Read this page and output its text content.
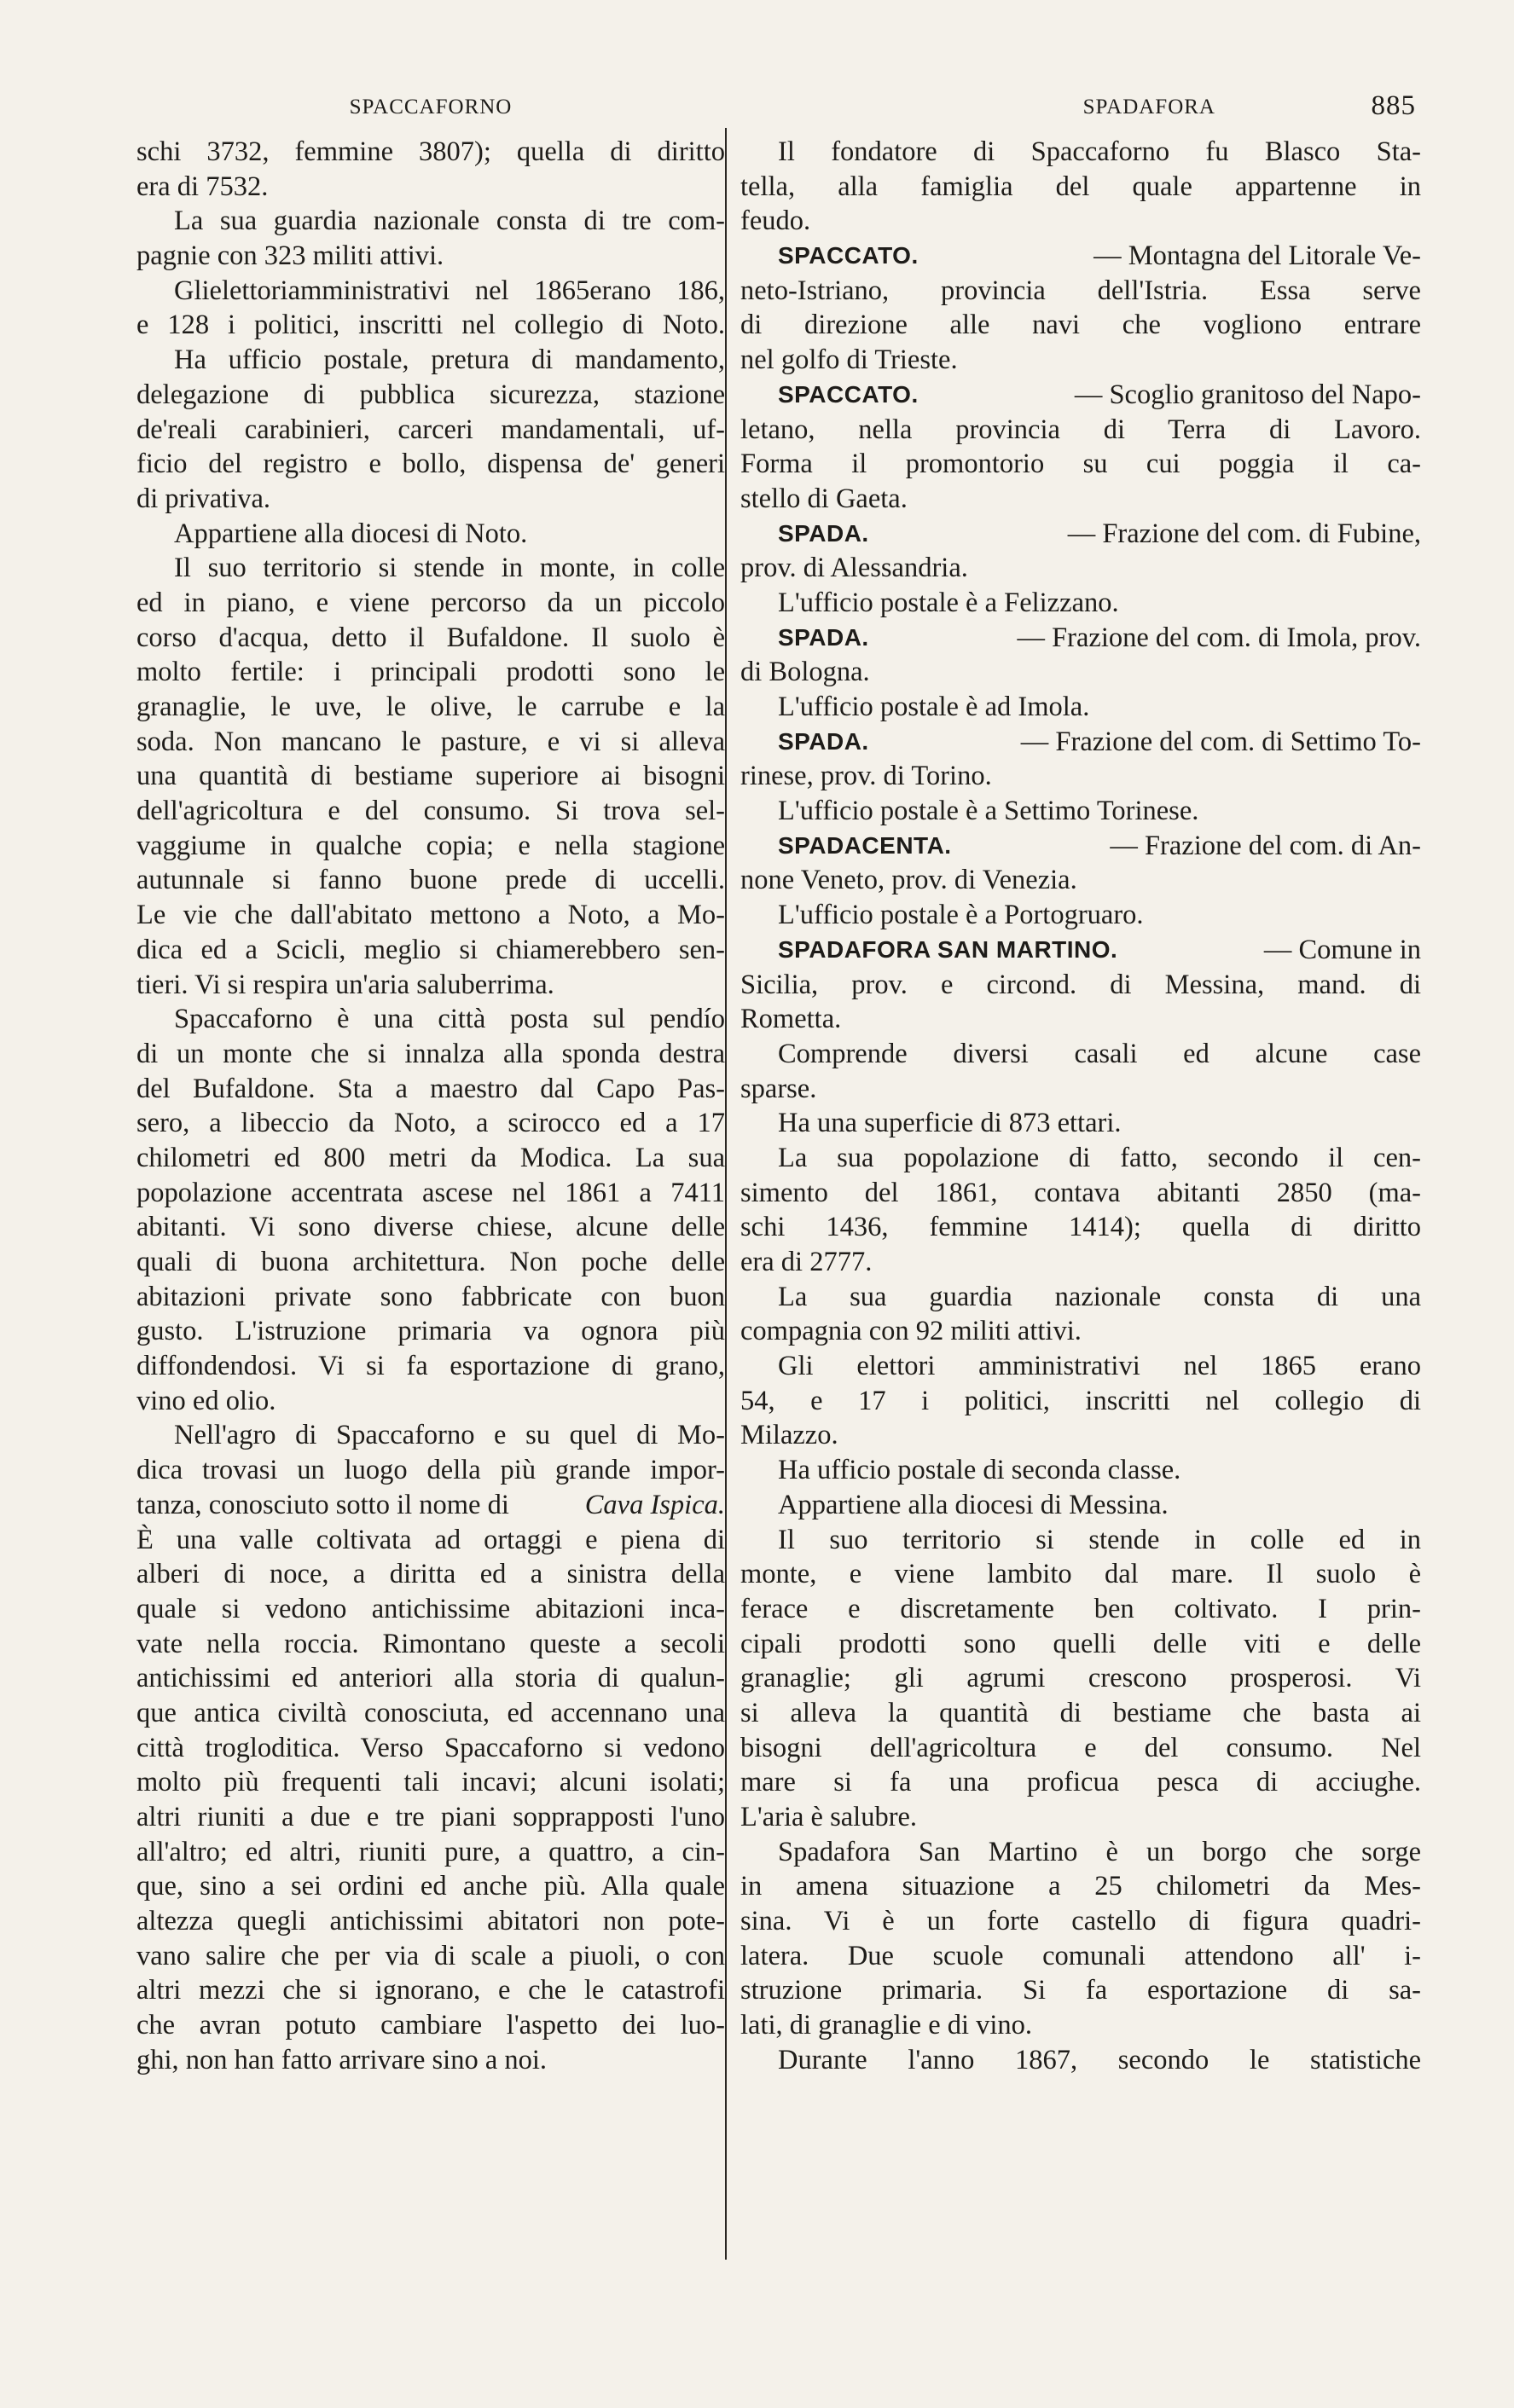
SPACCAFORNO	SPADAFORA	885
schi 3732, femmine 3807); quella di diritto
era di 7532.
La sua guardia nazionale consta di tre com-
pagnie con 323 militi attivi.
Glielettoriamministrativi nel 1865erano 186,
e 128 i politici, inscritti nel collegio di Noto.
Ha ufficio postale, pretura di mandamento,
delegazione di pubblica sicurezza, stazione
de'reali carabinieri, carceri mandamentali, uf-
ficio del registro e bollo, dispensa de' generi
di privativa.
Appartiene alla diocesi di Noto.
Il suo territorio si stende in monte, in colle
ed in piano, e viene percorso da un piccolo
corso d'acqua, detto il Bufaldone. Il suolo è
molto fertile: i principali prodotti sono le
granaglie, le uve, le olive, le carrube e la
soda. Non mancano le pasture, e vi si alleva
una quantità di bestiame superiore ai bisogni
dell'agricoltura e del consumo. Si trova sel-
vaggiume in qualche copia; e nella stagione
autunnale si fanno buone prede di uccelli.
Le vie che dall'abitato mettono a Noto, a Mo-
dica ed a Scicli, meglio si chiamerebbero sen-
tieri. Vi si respira un'aria saluberrima.
Spaccaforno è una città posta sul pendío
di un monte che si innalza alla sponda destra
del Bufaldone. Sta a maestro dal Capo Pas-
sero, a libeccio da Noto, a scirocco ed a 17
chilometri ed 800 metri da Modica. La sua
popolazione accentrata ascese nel 1861 a 7411
abitanti. Vi sono diverse chiese, alcune delle
quali di buona architettura. Non poche delle
abitazioni private sono fabbricate con buon
gusto. L'istruzione primaria va ognora più
diffondendosi. Vi si fa esportazione di grano,
vino ed olio.
Nell'agro di Spaccaforno e su quel di Mo-
dica trovasi un luogo della più grande impor-
tanza, conosciuto sotto il nome di	Cava Ispica.
È una valle coltivata ad ortaggi e piena di
alberi di noce, a diritta ed a sinistra della
quale si vedono antichissime abitazioni inca-
vate nella roccia. Rimontano queste a secoli
antichissimi ed anteriori alla storia di qualun-
que antica civiltà conosciuta, ed accennano una
città trogloditica. Verso Spaccaforno si vedono
molto più frequenti tali incavi; alcuni isolati;
altri riuniti a due e tre piani sopprapposti l'uno
all'altro; ed altri, riuniti pure, a quattro, a cin-
que, sino a sei ordini ed anche più. Alla quale
altezza quegli antichissimi abitatori non pote-
vano salire che per via di scale a piuoli, o con
altri mezzi che si ignorano, e che le catastrofi
che avran potuto cambiare l'aspetto dei luo-
ghi, non han fatto arrivare sino a noi.
Il fondatore di Spaccaforno fu Blasco Sta-
tella, alla famiglia del quale appartenne in
feudo.
SPACCATO.	— Montagna del Litorale Ve-
neto-Istriano, provincia dell'Istria. Essa serve
di direzione alle navi che vogliono entrare
nel golfo di Trieste.
SPACCATO.	— Scoglio granitoso del Napo-
letano, nella provincia di Terra di Lavoro.
Forma il promontorio su cui poggia il ca-
stello di Gaeta.
SPADA.	— Frazione del com. di Fubine,
prov. di Alessandria.
L'ufficio postale è a Felizzano.
SPADA.	— Frazione del com. di Imola, prov.
di Bologna.
L'ufficio postale è ad Imola.
SPADA.	— Frazione del com. di Settimo To-
rinese, prov. di Torino.
L'ufficio postale è a Settimo Torinese.
SPADACENTA.	— Frazione del com. di An-
none Veneto, prov. di Venezia.
L'ufficio postale è a Portogruaro.
SPADAFORA SAN MARTINO.	— Comune in
Sicilia, prov. e circond. di Messina, mand. di
Rometta.
Comprende diversi casali ed alcune case
sparse.
Ha una superficie di 873 ettari.
La sua popolazione di fatto, secondo il cen-
simento del 1861, contava abitanti 2850 (ma-
schi 1436, femmine 1414); quella di diritto
era di 2777.
La sua guardia nazionale consta di una
compagnia con 92 militi attivi.
Gli elettori amministrativi nel 1865 erano
54, e 17 i politici, inscritti nel collegio di
Milazzo.
Ha ufficio postale di seconda classe.
Appartiene alla diocesi di Messina.
Il suo territorio si stende in colle ed in
monte, e viene lambito dal mare. Il suolo è
ferace e discretamente ben coltivato. I prin-
cipali prodotti sono quelli delle viti e delle
granaglie; gli agrumi crescono prosperosi. Vi
si alleva la quantità di bestiame che basta ai
bisogni dell'agricoltura e del consumo. Nel
mare si fa una proficua pesca di acciughe.
L'aria è salubre.
Spadafora San Martino è un borgo che sorge
in amena situazione a 25 chilometri da Mes-
sina. Vi è un forte castello di figura quadri-
latera. Due scuole comunali attendono all' i-
struzione primaria. Si fa esportazione di sa-
lati, di granaglie e di vino.
Durante l'anno 1867, secondo le statistiche
